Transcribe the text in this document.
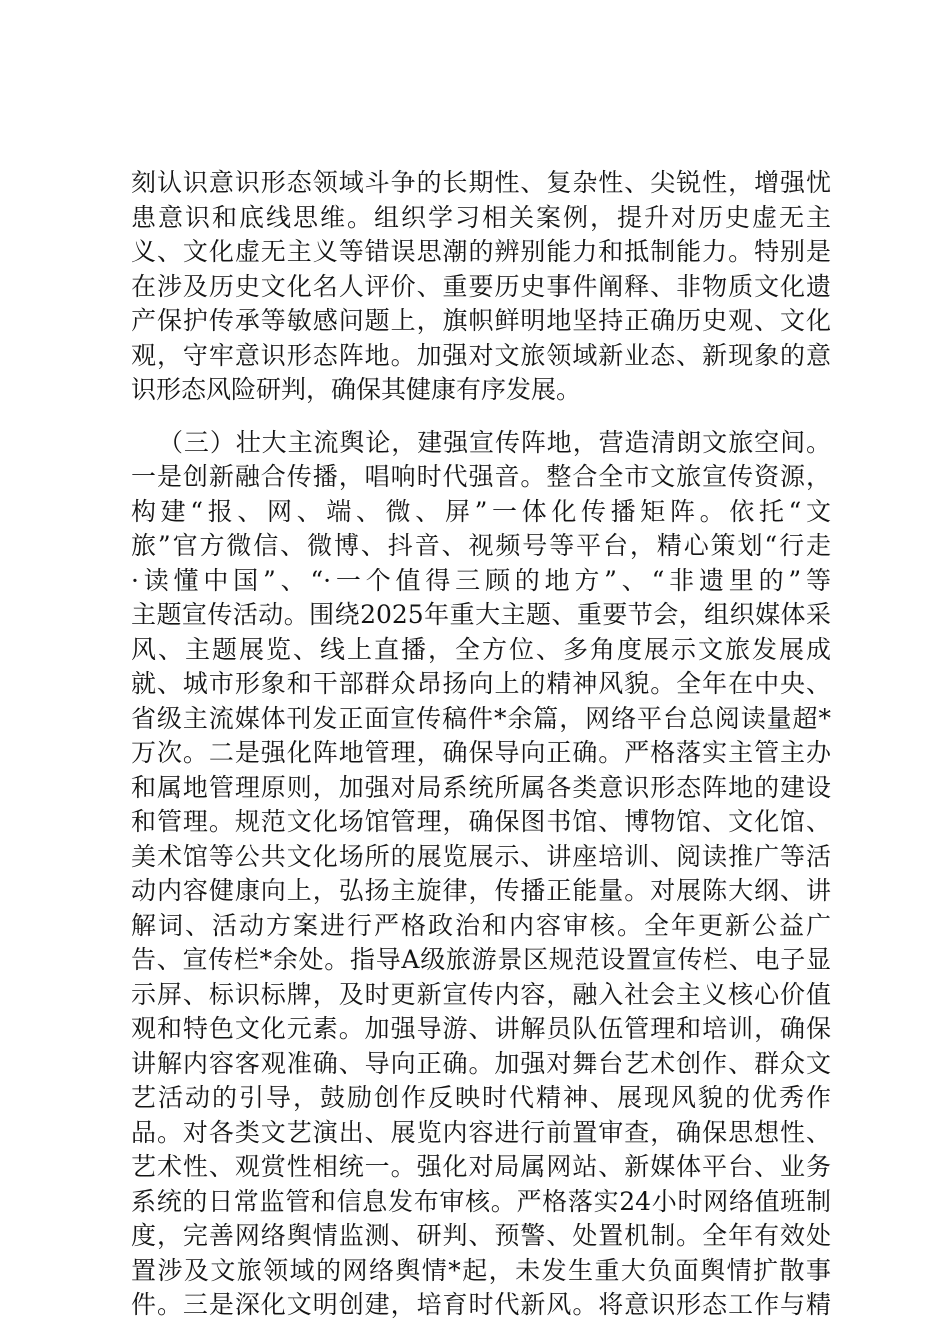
刻认识意识形态领域斗争的长期性、复杂性、尖锐性，增强忧
患意识和底线思维。组织学习相关案例，提升对历史虚无主
义、文化虚无主义等错误思潮的辨别能力和抵制能力。特别是
在涉及历史文化名人评价、重要历史事件阐释、非物质文化遗
产保护传承等敏感问题上，旗帜鲜明地坚持正确历史观、文化
观，守牢意识形态阵地。加强对文旅领域新业态、新现象的意
识形态风险研判，确保其健康有序发展。
（三）壮大主流舆论，建强宣传阵地，营造清朗文旅空间。
一是创新融合传播，唱响时代强音。整合全市文旅宣传资源，
构建“报、网、端、微、屏”一体化传播矩阵。依托“文
旅”官方微信、微博、抖音、视频号等平台，精心策划“行走
·读懂中国”、“·一个值得三顾的地方”、“非遗里的”等
主题宣传活动。围绕2025年重大主题、重要节会，组织媒体采
风、主题展览、线上直播，全方位、多角度展示文旅发展成
就、城市形象和干部群众昂扬向上的精神风貌。全年在中央、
省级主流媒体刊发正面宣传稿件*余篇，网络平台总阅读量超*
万次。二是强化阵地管理，确保导向正确。严格落实主管主办
和属地管理原则，加强对局系统所属各类意识形态阵地的建设
和管理。规范文化场馆管理，确保图书馆、博物馆、文化馆、
美术馆等公共文化场所的展览展示、讲座培训、阅读推广等活
动内容健康向上，弘扬主旋律，传播正能量。对展陈大纲、讲
解词、活动方案进行严格政治和内容审核。全年更新公益广
告、宣传栏*余处。指导A级旅游景区规范设置宣传栏、电子显
示屏、标识标牌，及时更新宣传内容，融入社会主义核心价值
观和特色文化元素。加强导游、讲解员队伍管理和培训，确保
讲解内容客观准确、导向正确。加强对舞台艺术创作、群众文
艺活动的引导，鼓励创作反映时代精神、展现风貌的优秀作
品。对各类文艺演出、展览内容进行前置审查，确保思想性、
艺术性、观赏性相统一。强化对局属网站、新媒体平台、业务
系统的日常监管和信息发布审核。严格落实24小时网络值班制
度，完善网络舆情监测、研判、预警、处置机制。全年有效处
置涉及文旅领域的网络舆情*起，未发生重大负面舆情扩散事
件。三是深化文明创建，培育时代新风。将意识形态工作与精
